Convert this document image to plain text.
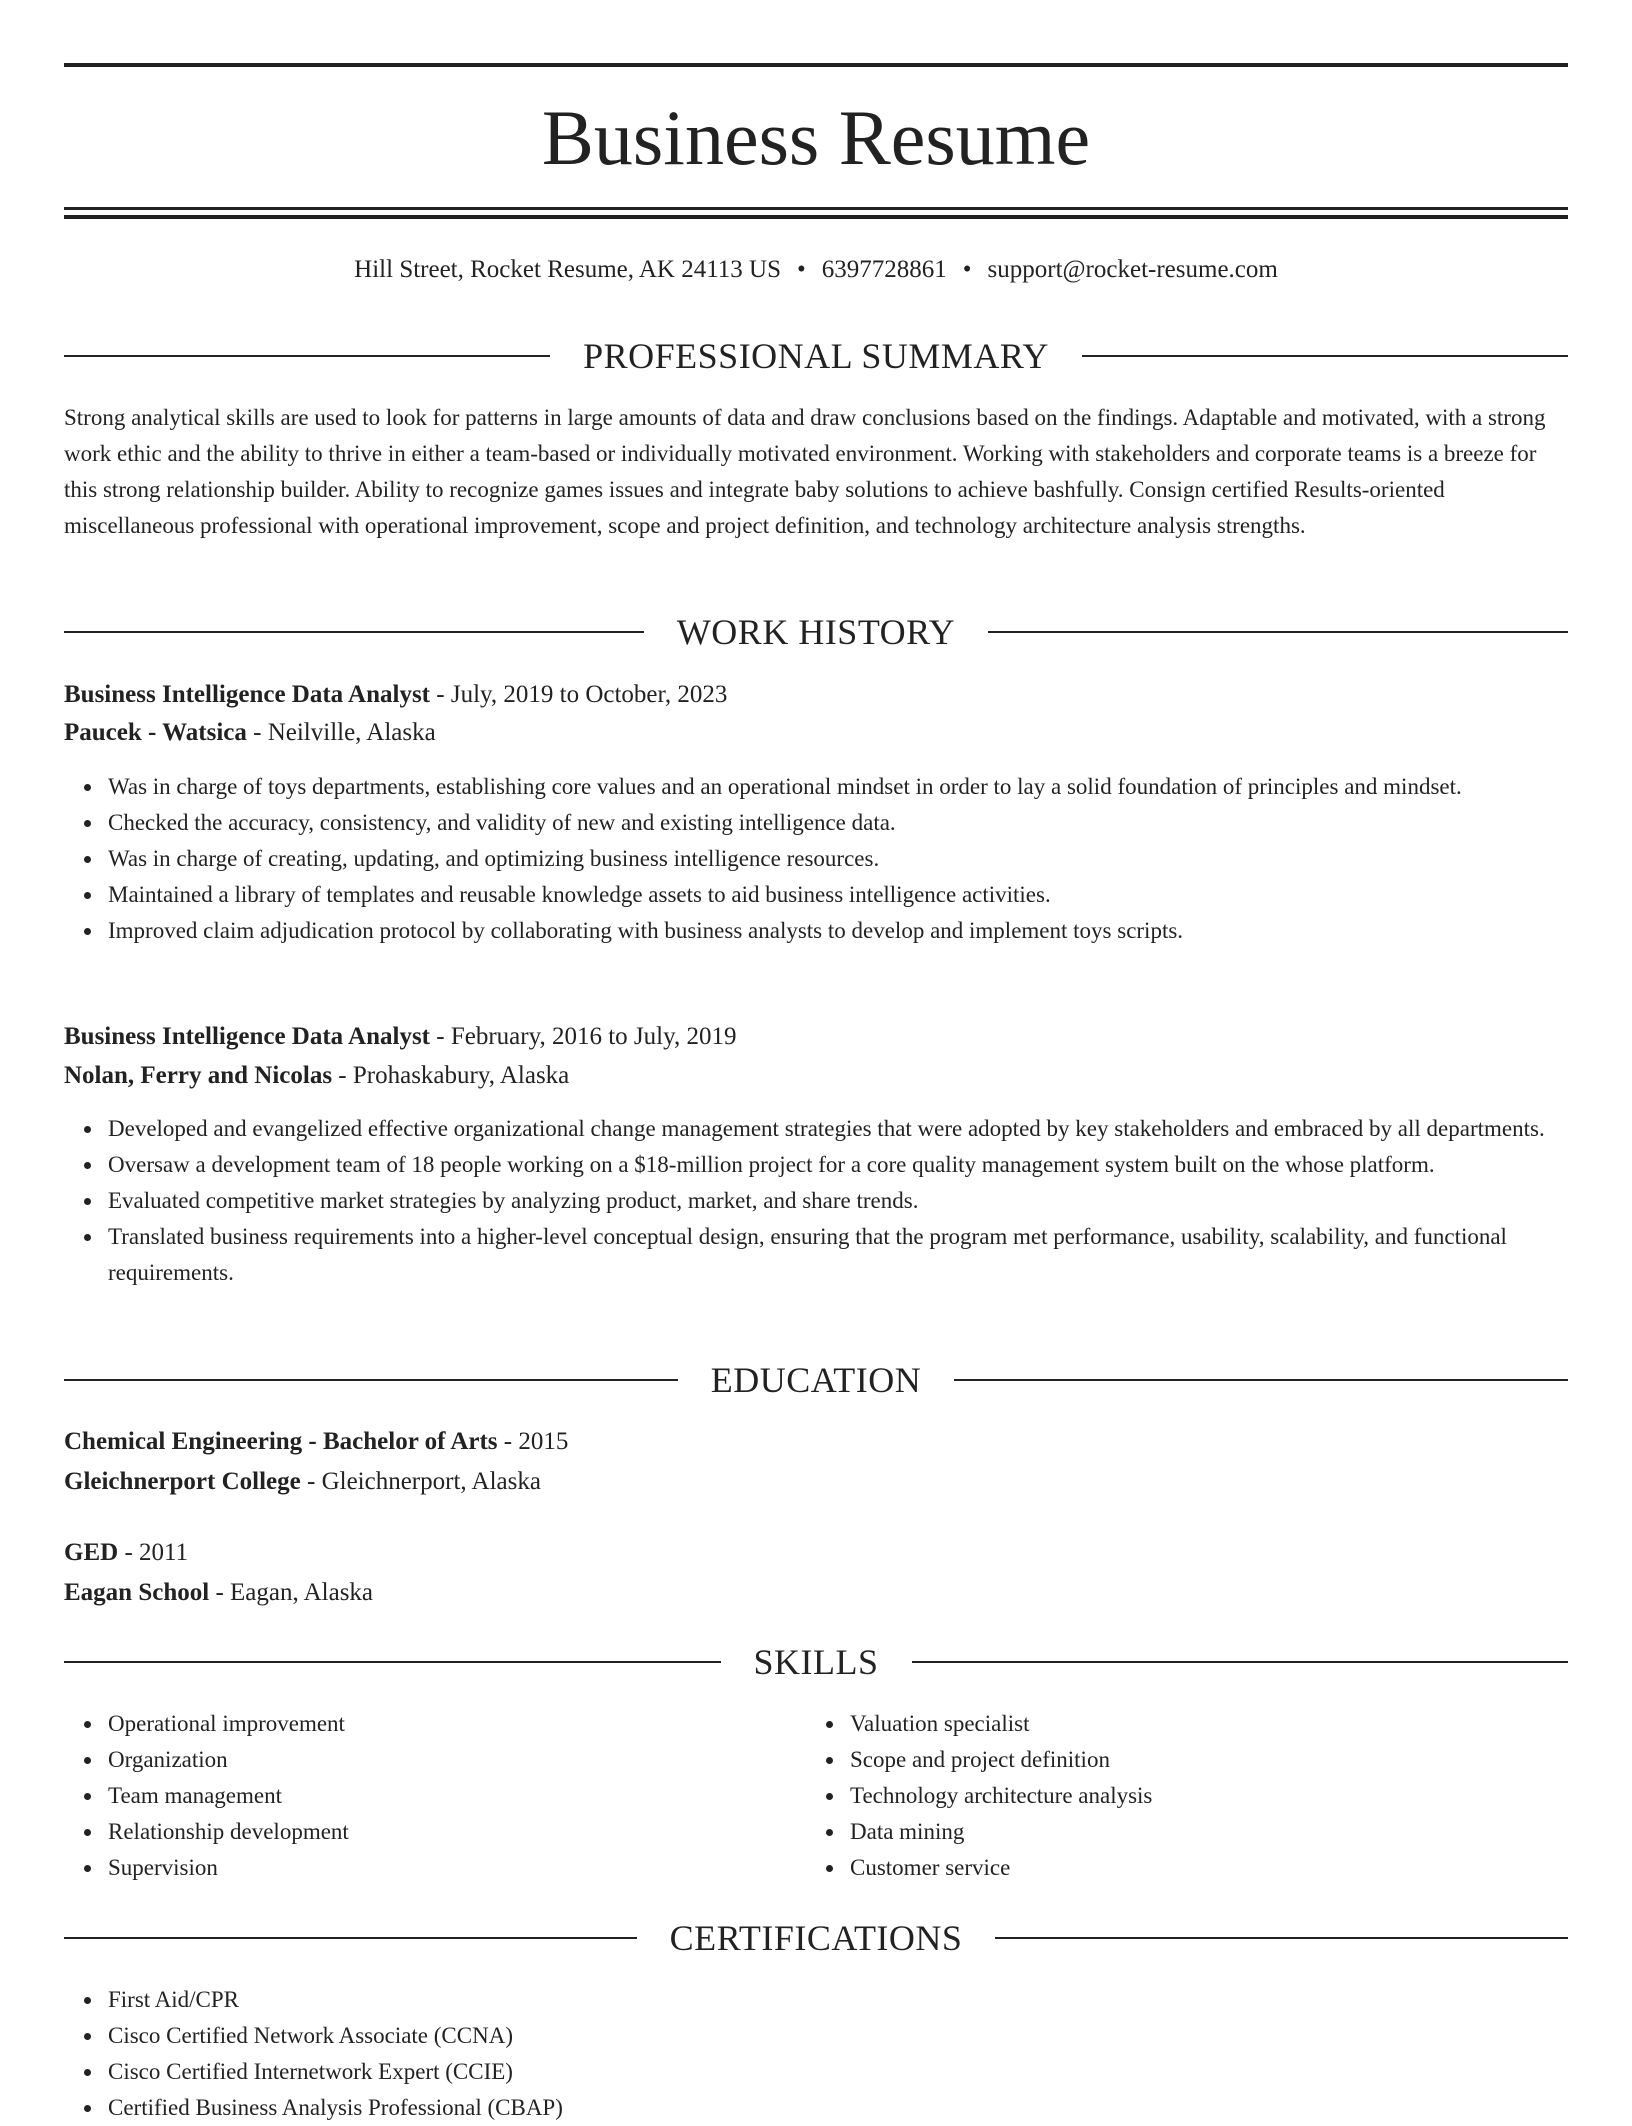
Business Resume
Hill Street, Rocket Resume, AK 24113 US • 6397728861 • support@rocket-resume.com
PROFESSIONAL SUMMARY

Strong analytical skills are used to look for patterns in large amounts of data and draw conclusions based on the findings. Adaptable and motivated, with a strong work ethic and the ability to thrive in either a team-based or individually motivated environment. Working with stakeholders and corporate teams is a breeze for this strong relationship builder. Ability to recognize games issues and integrate baby solutions to achieve bashfully. Consign certified Results-oriented miscellaneous professional with operational improvement, scope and project definition, and technology architecture analysis strengths.

WORK HISTORY
Business Intelligence Data Analyst - July, 2019 to October, 2023
Paucek - Watsica - Neilville, Alaska
Was in charge of toys departments, establishing core values and an operational mindset in order to lay a solid foundation of principles and mindset.
Checked the accuracy, consistency, and validity of new and existing intelligence data.
Was in charge of creating, updating, and optimizing business intelligence resources.
Maintained a library of templates and reusable knowledge assets to aid business intelligence activities.
Improved claim adjudication protocol by collaborating with business analysts to develop and implement toys scripts.
Business Intelligence Data Analyst - February, 2016 to July, 2019
Nolan, Ferry and Nicolas - Prohaskabury, Alaska
Developed and evangelized effective organizational change management strategies that were adopted by key stakeholders and embraced by all departments.
Oversaw a development team of 18 people working on a $18-million project for a core quality management system built on the whose platform.
Evaluated competitive market strategies by analyzing product, market, and share trends.
Translated business requirements into a higher-level conceptual design, ensuring that the program met performance, usability, scalability, and functional requirements.
EDUCATION
Chemical Engineering - Bachelor of Arts - 2015
Gleichnerport College - Gleichnerport, Alaska
GED - 2011
Eagan School - Eagan, Alaska
SKILLS
Operational improvement
Organization
Team management
Relationship development
Supervision
Valuation specialist
Scope and project definition
Technology architecture analysis
Data mining
Customer service
CERTIFICATIONS
First Aid/CPR
Cisco Certified Network Associate (CCNA)
Cisco Certified Internetwork Expert (CCIE)
Certified Business Analysis Professional (CBAP)
